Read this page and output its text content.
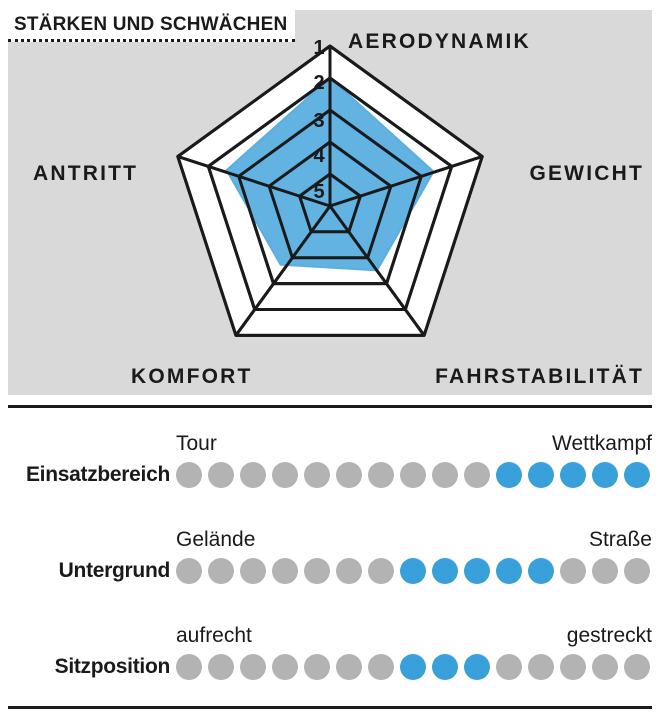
1
2
3
4
5
AERODYNAMIK
GEWICHT
FAHRSTABILITÄT
KOMFORT
ANTRITT
STÄRKEN UND SCHWÄCHEN
Tour	Wettkampf
Einsatzbereich
Gelände	Straße
Untergrund
aufrecht	gestreckt
Sitzposition
